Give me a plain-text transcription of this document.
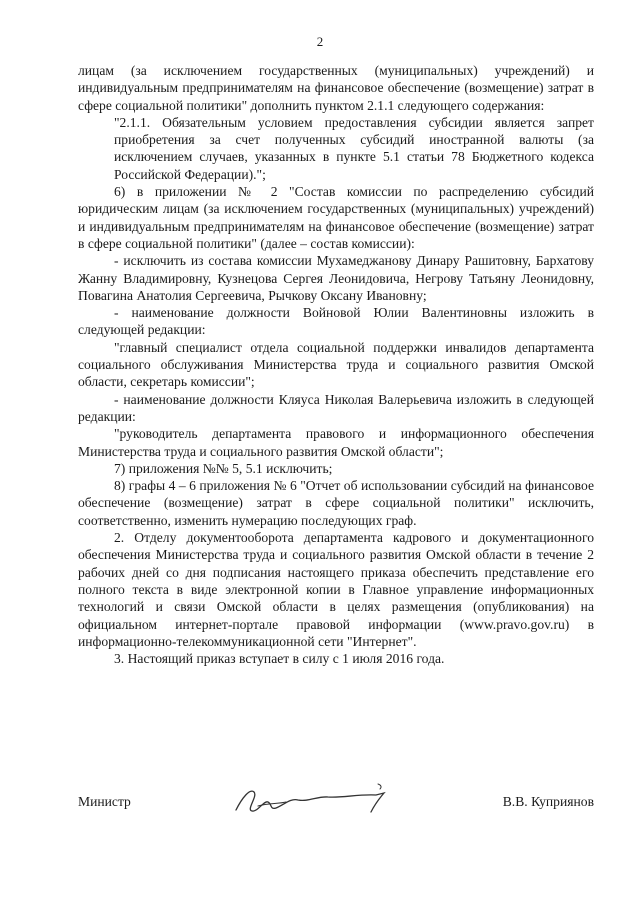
2

лицам (за исключением государственных (муниципальных) учреждений) и индивидуальным предпринимателям на финансовое обеспечение (возмещение) затрат в сфере социальной политики" дополнить пунктом 2.1.1 следующего содержания:

"2.1.1. Обязательным условием предоставления субсидии является запрет приобретения за счет полученных субсидий иностранной валюты (за исключением случаев, указанных в пункте 5.1 статьи 78 Бюджетного кодекса Российской Федерации).";

6) в приложении № 2 "Состав комиссии по распределению субсидий юридическим лицам (за исключением государственных (муниципальных) учреждений) и индивидуальным предпринимателям на финансовое обеспечение (возмещение) затрат в сфере социальной политики" (далее – состав комиссии):

- исключить из состава комиссии Мухамеджанову Динару Рашитовну, Бархатову Жанну Владимировну, Кузнецова Сергея Леонидовича, Негрову Татьяну Леонидовну, Повагина Анатолия Сергеевича, Рычкову Оксану Ивановну;

- наименование должности Войновой Юлии Валентиновны изложить в следующей редакции:

"главный специалист отдела социальной поддержки инвалидов департамента социального обслуживания Министерства труда и социального развития Омской области, секретарь комиссии";

- наименование должности Кляуса Николая Валерьевича изложить в следующей редакции:

"руководитель департамента правового и информационного обеспечения Министерства труда и социального развития Омской области";

7) приложения №№ 5, 5.1 исключить;

8) графы 4 – 6 приложения № 6 "Отчет об использовании субсидий на финансовое обеспечение (возмещение) затрат в сфере социальной политики" исключить, соответственно, изменить нумерацию последующих граф.

2. Отделу документооборота департамента кадрового и документационного обеспечения Министерства труда и социального развития Омской области в течение 2 рабочих дней со дня подписания настоящего приказа обеспечить представление его полного текста в виде электронной копии в Главное управление информационных технологий и связи Омской области в целях размещения (опубликования) на официальном интернет-портале правовой информации (www.pravo.gov.ru) в информационно-телекоммуникационной сети "Интернет".

3. Настоящий приказ вступает в силу с 1 июля 2016 года.

Министр	В.В. Куприянов
